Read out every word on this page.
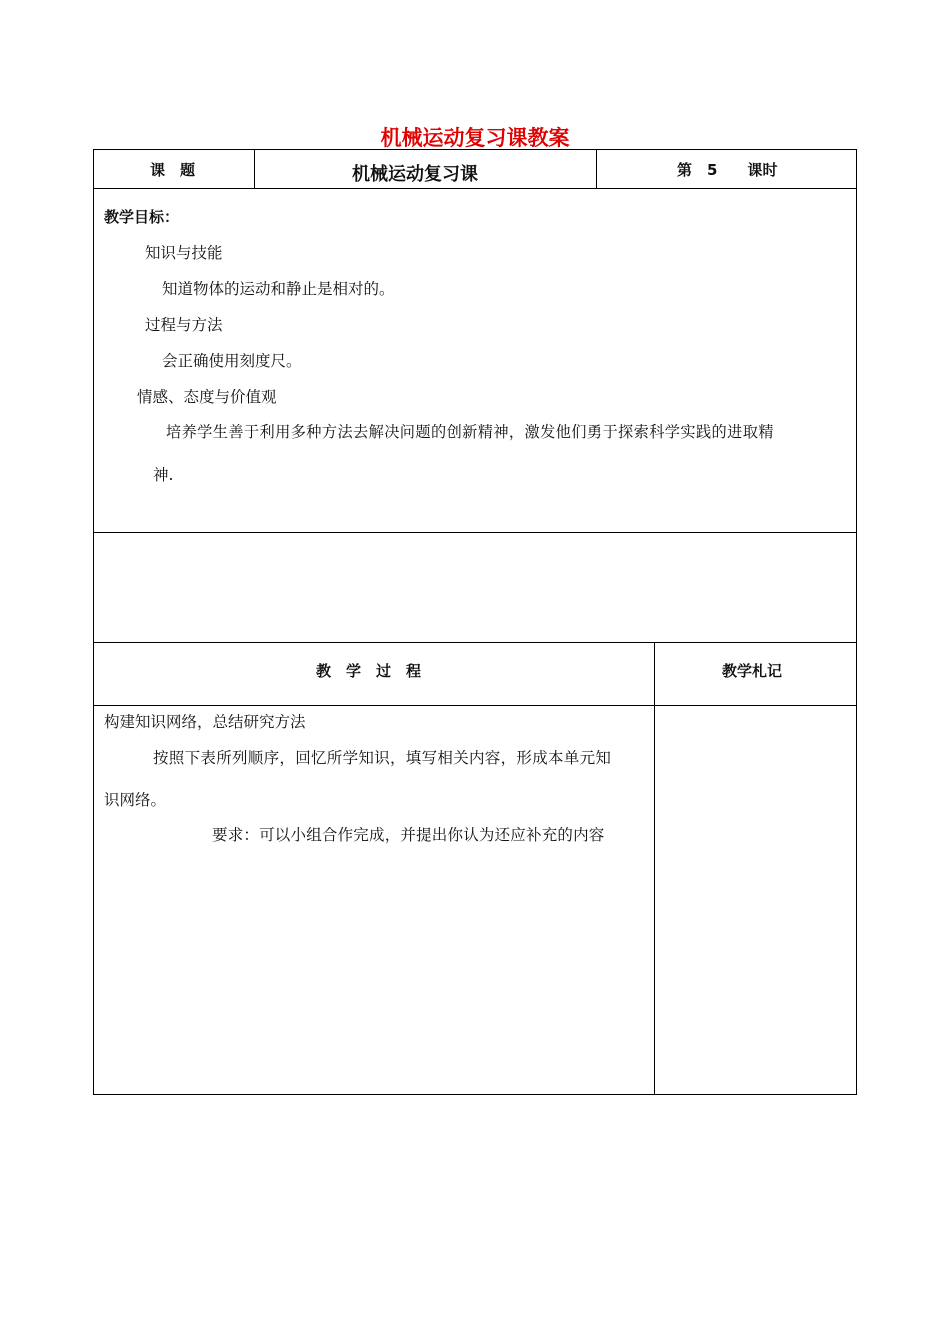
机械运动复习课教案
课　题	机械运动复习课	第　5　　课时
教学目标：
知识与技能
知道物体的运动和静止是相对的。
过程与方法
会正确使用刻度尺。
情感、态度与价值观
培养学生善于利用多种方法去解决问题的创新精神，激发他们勇于探索科学实践的进取精
神.
教　学　过　程	教学札记
构建知识网络，总结研究方法
按照下表所列顺序，回忆所学知识，填写相关内容，形成本单元知
识网络。
要求：可以小组合作完成，并提出你认为还应补充的内容
